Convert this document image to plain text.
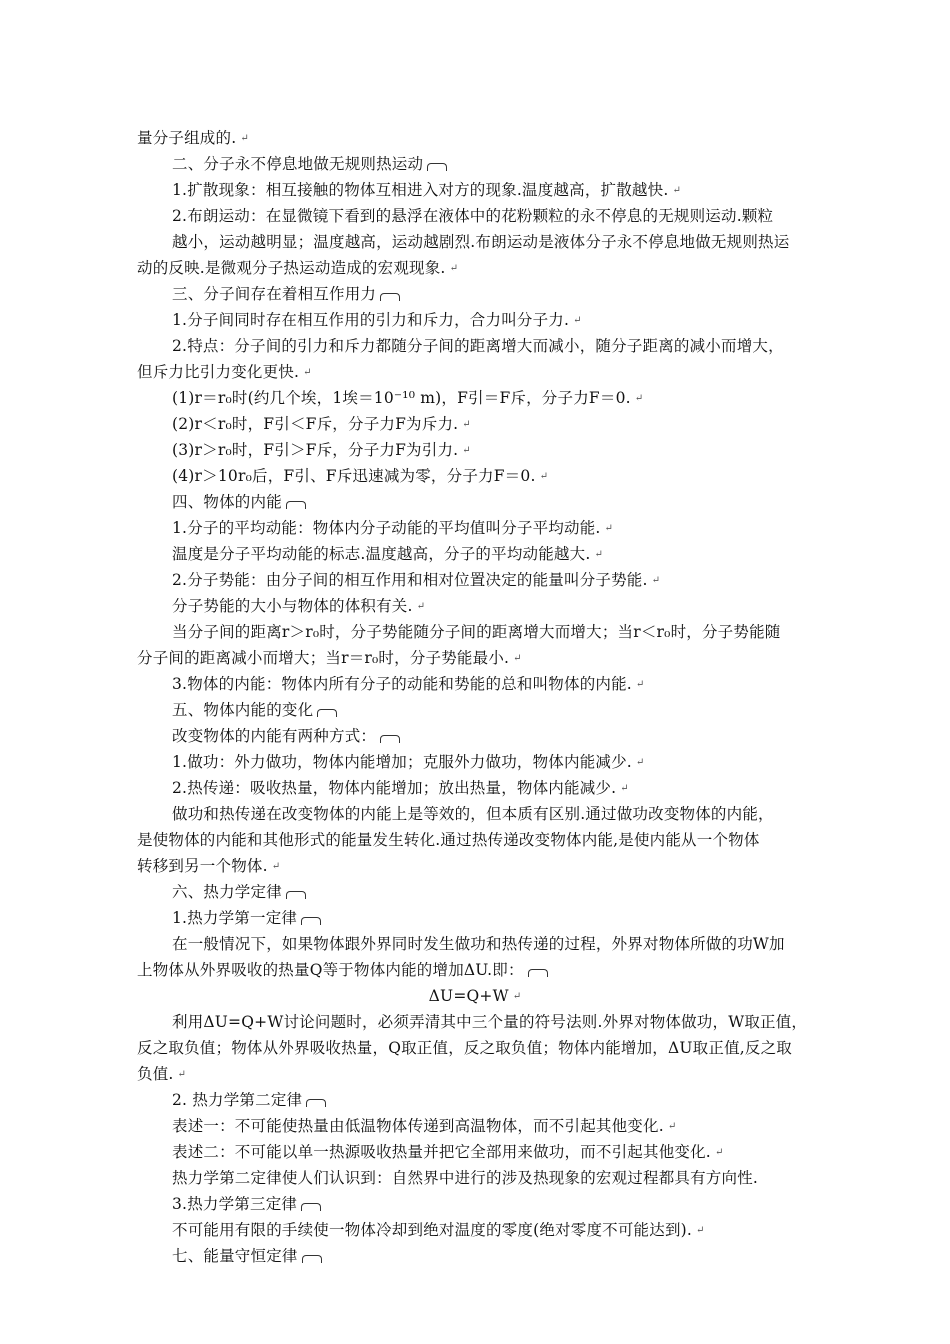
量分子组成的. ↵
二、分子永不停息地做无规则热运动
1.扩散现象：相互接触的物体互相进入对方的现象.温度越高，扩散越快. ↵
2.布朗运动：在显微镜下看到的悬浮在液体中的花粉颗粒的永不停息的无规则运动.颗粒
越小，运动越明显；温度越高，运动越剧烈.布朗运动是液体分子永不停息地做无规则热运
动的反映.是微观分子热运动造成的宏观现象. ↵
三、分子间存在着相互作用力
1.分子间同时存在相互作用的引力和斥力，合力叫分子力. ↵
2.特点：分子间的引力和斥力都随分子间的距离增大而减小，随分子距离的减小而增大，
但斥力比引力变化更快. ↵
(1)r＝r₀时(约几个埃，1埃＝10⁻¹⁰ m)，F引＝F斥，分子力F＝0. ↵
(2)r＜r₀时，F引＜F斥，分子力F为斥力. ↵
(3)r＞r₀时，F引＞F斥，分子力F为引力. ↵
(4)r＞10r₀后，F引、F斥迅速减为零，分子力F＝0. ↵
四、物体的内能
1.分子的平均动能：物体内分子动能的平均值叫分子平均动能. ↵
温度是分子平均动能的标志.温度越高，分子的平均动能越大. ↵
2.分子势能：由分子间的相互作用和相对位置决定的能量叫分子势能. ↵
分子势能的大小与物体的体积有关. ↵
当分子间的距离r＞r₀时，分子势能随分子间的距离增大而增大；当r＜r₀时，分子势能随
分子间的距离减小而增大；当r＝r₀时，分子势能最小. ↵
3.物体的内能：物体内所有分子的动能和势能的总和叫物体的内能. ↵
五、物体内能的变化
改变物体的内能有两种方式：
1.做功：外力做功，物体内能增加；克服外力做功，物体内能减少. ↵
2.热传递：吸收热量，物体内能增加；放出热量，物体内能减少. ↵
做功和热传递在改变物体的内能上是等效的，但本质有区别.通过做功改变物体的内能，
是使物体的内能和其他形式的能量发生转化.通过热传递改变物体内能,是使内能从一个物体
转移到另一个物体. ↵
六、热力学定律
1.热力学第一定律
在一般情况下，如果物体跟外界同时发生做功和热传递的过程，外界对物体所做的功W加
上物体从外界吸收的热量Q等于物体内能的增加ΔU.即：
ΔU=Q+W ↵
利用ΔU=Q+W讨论问题时，必须弄清其中三个量的符号法则.外界对物体做功，W取正值，
反之取负值；物体从外界吸收热量，Q取正值，反之取负值；物体内能增加，ΔU取正值,反之取
负值. ↵
2. 热力学第二定律
表述一：不可能使热量由低温物体传递到高温物体，而不引起其他变化. ↵
表述二：不可能以单一热源吸收热量并把它全部用来做功，而不引起其他变化. ↵
热力学第二定律使人们认识到：自然界中进行的涉及热现象的宏观过程都具有方向性.
3.热力学第三定律
不可能用有限的手续使一物体冷却到绝对温度的零度(绝对零度不可能达到). ↵
七、能量守恒定律
